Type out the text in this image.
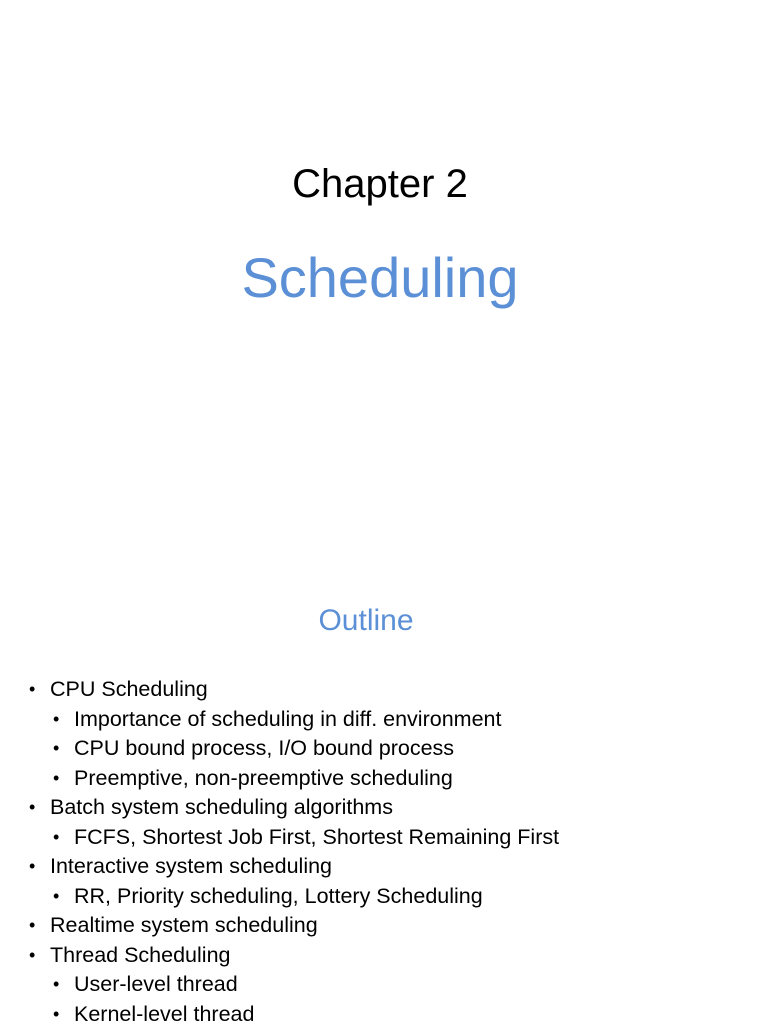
Chapter 2
Scheduling
Outline
• CPU Scheduling
• Importance of scheduling in diff. environment
• CPU bound process, I/O bound process
• Preemptive, non-preemptive scheduling
• Batch system scheduling algorithms
• FCFS, Shortest Job First, Shortest Remaining First
• Interactive system scheduling
• RR, Priority scheduling, Lottery Scheduling
• Realtime system scheduling
• Thread Scheduling
• User-level thread
• Kernel-level thread
